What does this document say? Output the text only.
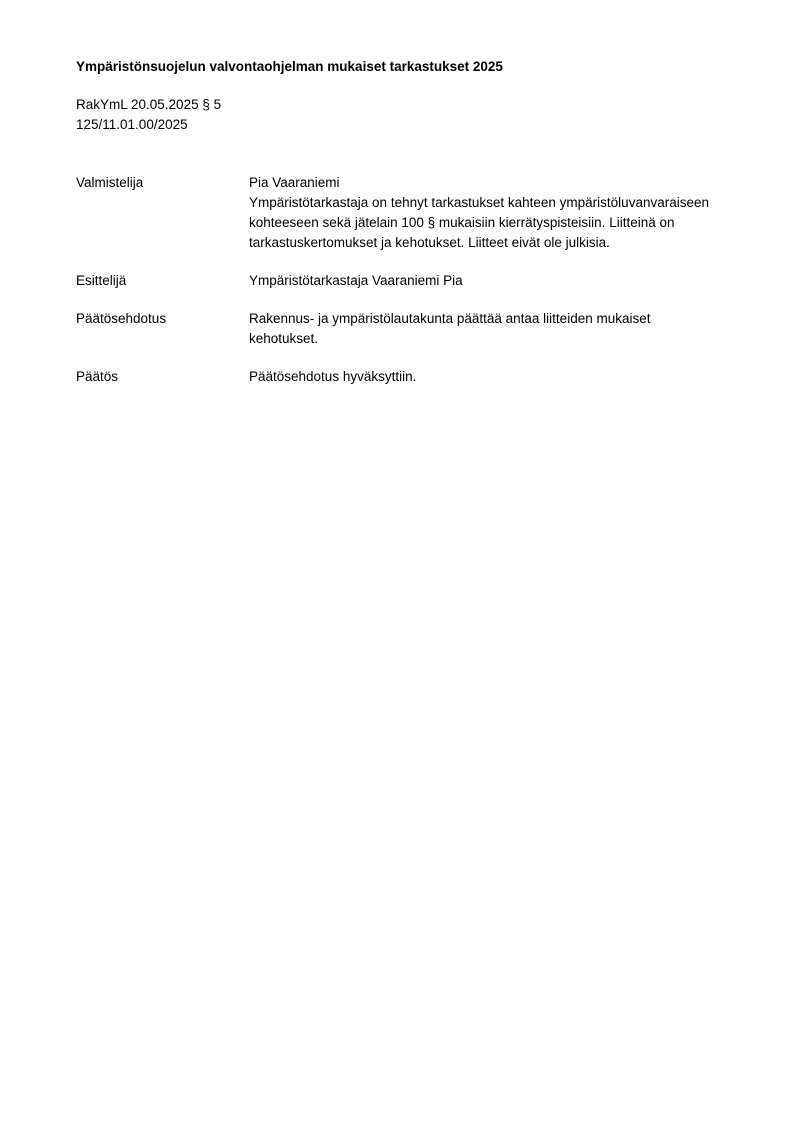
Ympäristönsuojelun valvontaohjelman mukaiset tarkastukset 2025
RakYmL 20.05.2025 § 5
125/11.01.00/2025
Valmistelija	Pia Vaaraniemi

Ympäristötarkastaja on tehnyt tarkastukset kahteen ympäristöluvanvaraiseen kohteeseen sekä jätelain 100 § mukaisiin kierrätyspisteisiin. Liitteinä on tarkastuskertomukset ja kehotukset. Liitteet eivät ole julkisia.

Esittelijä	Ympäristötarkastaja Vaaraniemi Pia
Päätösehdotus	Rakennus- ja ympäristölautakunta päättää antaa liitteiden mukaiset kehotukset.
Päätös	Päätösehdotus hyväksyttiin.
